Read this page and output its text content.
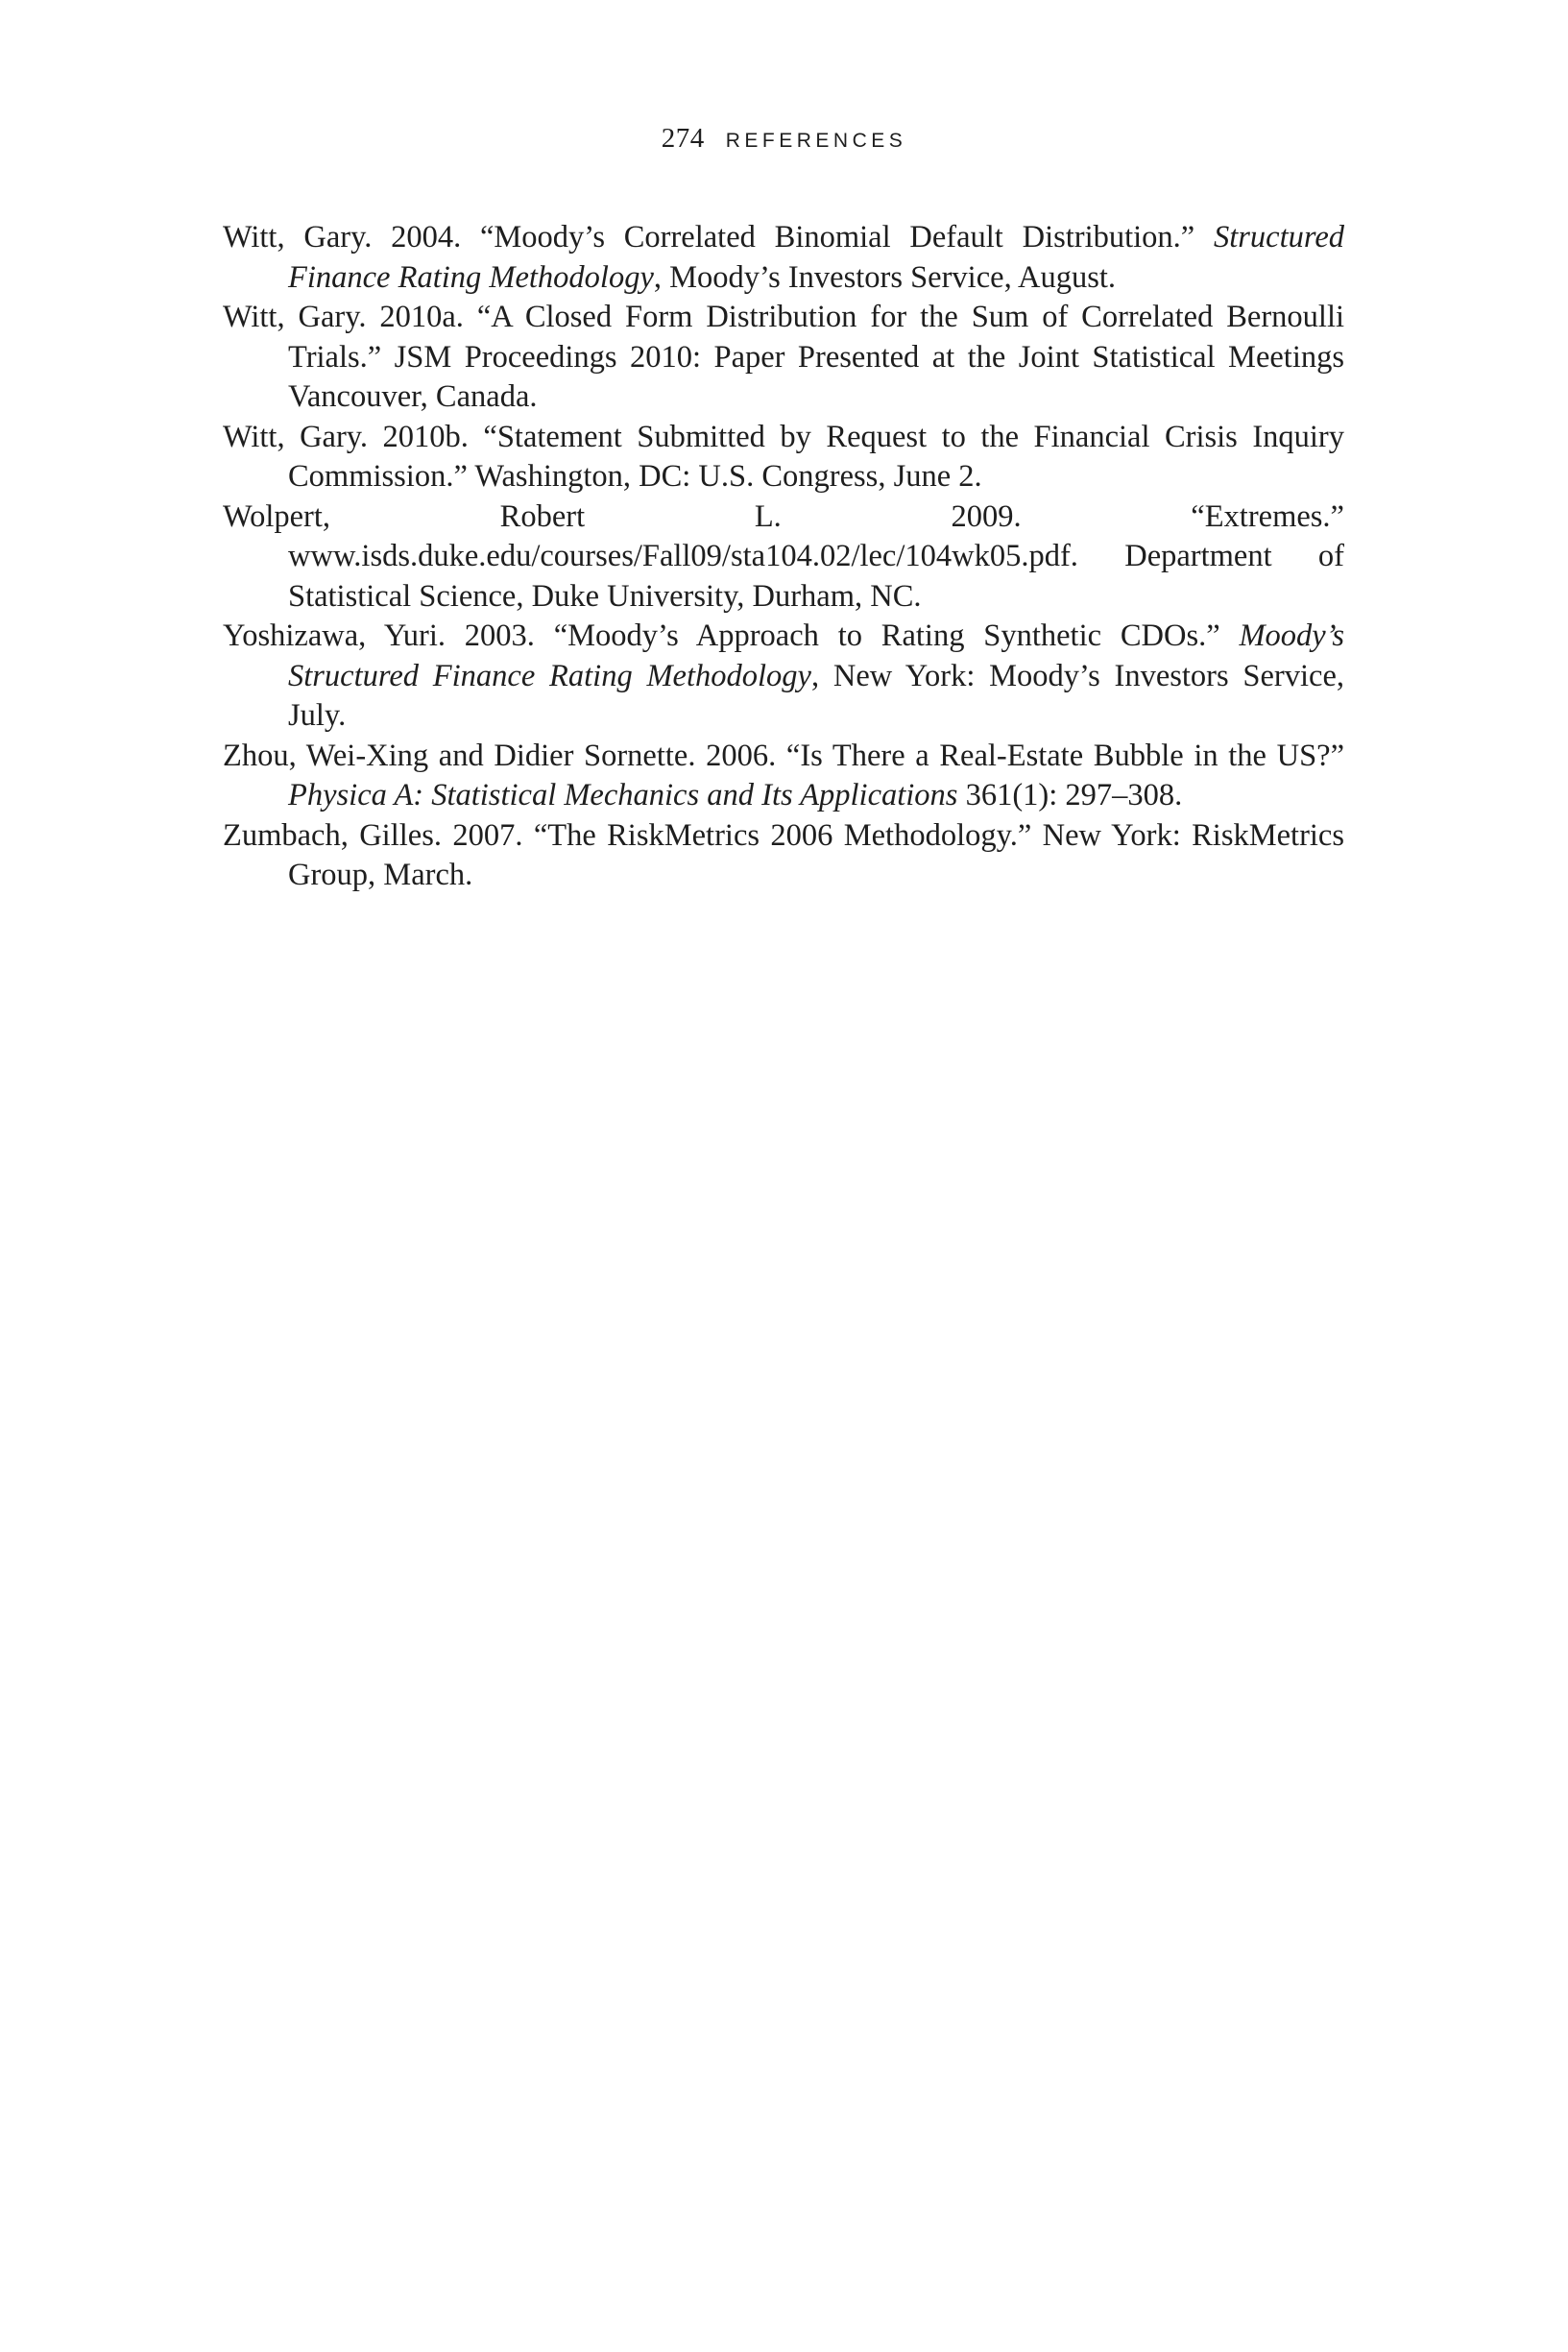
274 REFERENCES
Witt, Gary. 2004. “Moody’s Correlated Binomial Default Distribution.” Structured Finance Rating Methodology, Moody’s Investors Service, August.
Witt, Gary. 2010a. “A Closed Form Distribution for the Sum of Correlated Bernoulli Trials.” JSM Proceedings 2010: Paper Presented at the Joint Statistical Meetings Vancouver, Canada.
Witt, Gary. 2010b. “Statement Submitted by Request to the Financial Crisis Inquiry Commission.” Washington, DC: U.S. Congress, June 2.
Wolpert, Robert L. 2009. “Extremes.” www.isds.duke.edu/courses/Fall09/sta104.02/lec/104wk05.pdf. Department of Statistical Science, Duke University, Durham, NC.
Yoshizawa, Yuri. 2003. “Moody’s Approach to Rating Synthetic CDOs.” Moody’s Structured Finance Rating Methodology, New York: Moody’s Investors Service, July.
Zhou, Wei-Xing and Didier Sornette. 2006. “Is There a Real-Estate Bubble in the US?” Physica A: Statistical Mechanics and Its Applications 361(1): 297–308.
Zumbach, Gilles. 2007. “The RiskMetrics 2006 Methodology.” New York: RiskMetrics Group, March.
